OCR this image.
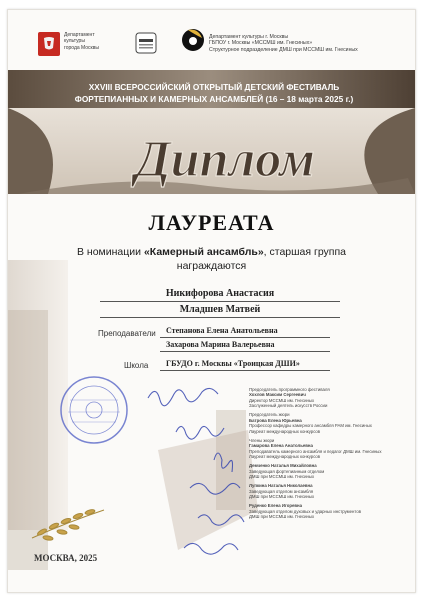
Департамент
культуры
города Москвы
Департамент культуры г. Москвы
ГБПОУ г. Москвы «МССМШ им. Гнесиных»
Структурное подразделение ДМШ при МССМШ им. Гнесиных
XXVIII ВСЕРОССИЙСКИЙ ОТКРЫТЫЙ ДЕТСКИЙ ФЕСТИВАЛЬ
ФОРТЕПИАННЫХ И КАМЕРНЫХ АНСАМБЛЕЙ (16 – 18 марта 2025 г.)
Диплом
ЛАУРЕАТА
В номинации «Камерный ансамбль», старшая группа
награждаются
Никифорова Анастасия
Младшев Матвей
Преподаватели	Степанова Елена Анатольевна
Захарова Марина Валерьевна
Школа	ГБУДО г. Москвы «Троицкая ДШИ»
Председатель программного фестиваля
Хохлов Максим Сергеевич
Директор МССМШ им. Гнесиных
Заслуженный деятель искусств России
Председатель жюри
Батрова Елена Юрьевна
Профессор кафедры камерного ансамбля РАМ им. Гнесиных
Лауреат международных конкурсов
Члены жюри
Гамарова Елена Анатольевна
Преподаватель камерного ансамбля и педагог ДМШ им. Гнесиных
Лауреат международных конкурсов
Демченко Наталья Михайловна
Заведующая фортепианным отделом
ДМШ при МССМШ им. Гнесиных
Лупкина Наталья Николаевна
Заведующая отделом ансамбля
ДМШ при МССМШ им. Гнесиных
Руденко Елена Игоревна
Заведующая отделом духовых и ударных инструментов
ДМШ при МССМШ им. Гнесиных
МОСКВА, 2025
